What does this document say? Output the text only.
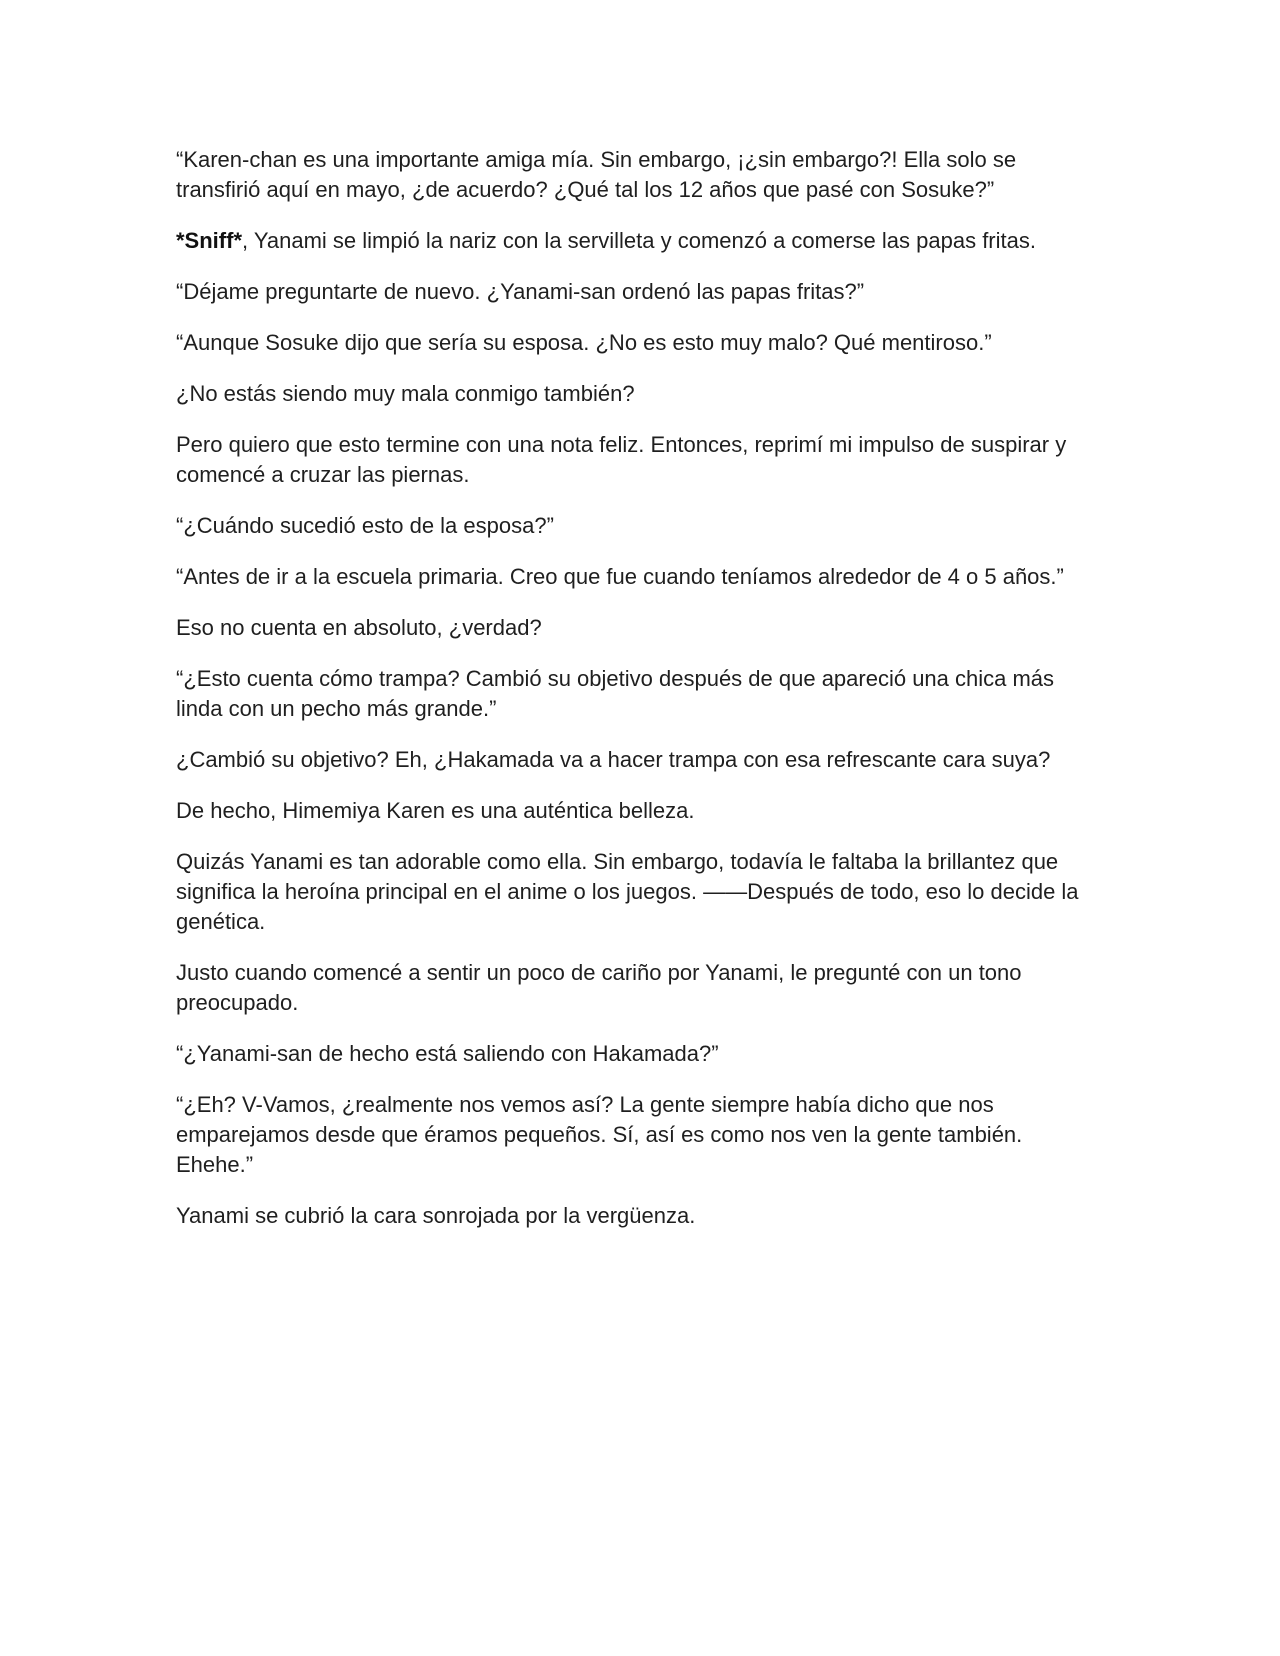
“Karen-chan es una importante amiga mía. Sin embargo, ¡¿sin embargo?! Ella solo se transfirió aquí en mayo, ¿de acuerdo? ¿Qué tal los 12 años que pasé con Sosuke?”

*Sniff*, Yanami se limpió la nariz con la servilleta y comenzó a comerse las papas fritas.

“Déjame preguntarte de nuevo. ¿Yanami-san ordenó las papas fritas?”

“Aunque Sosuke dijo que sería su esposa. ¿No es esto muy malo? Qué mentiroso.”

¿No estás siendo muy mala conmigo también?

Pero quiero que esto termine con una nota feliz. Entonces, reprimí mi impulso de suspirar y comencé a cruzar las piernas.

“¿Cuándo sucedió esto de la esposa?”

“Antes de ir a la escuela primaria. Creo que fue cuando teníamos alrededor de 4 o 5 años.”

Eso no cuenta en absoluto, ¿verdad?

“¿Esto cuenta cómo trampa? Cambió su objetivo después de que apareció una chica más linda con un pecho más grande.”

¿Cambió su objetivo? Eh, ¿Hakamada va a hacer trampa con esa refrescante cara suya?

De hecho, Himemiya Karen es una auténtica belleza.

Quizás Yanami es tan adorable como ella. Sin embargo, todavía le faltaba la brillantez que significa la heroína principal en el anime o los juegos. ——Después de todo, eso lo decide la genética.

Justo cuando comencé a sentir un poco de cariño por Yanami, le pregunté con un tono preocupado.

“¿Yanami-san de hecho está saliendo con Hakamada?”

“¿Eh? V-Vamos, ¿realmente nos vemos así? La gente siempre había dicho que nos emparejamos desde que éramos pequeños. Sí, así es como nos ven la gente también. Ehehe.”

Yanami se cubrió la cara sonrojada por la vergüenza.
